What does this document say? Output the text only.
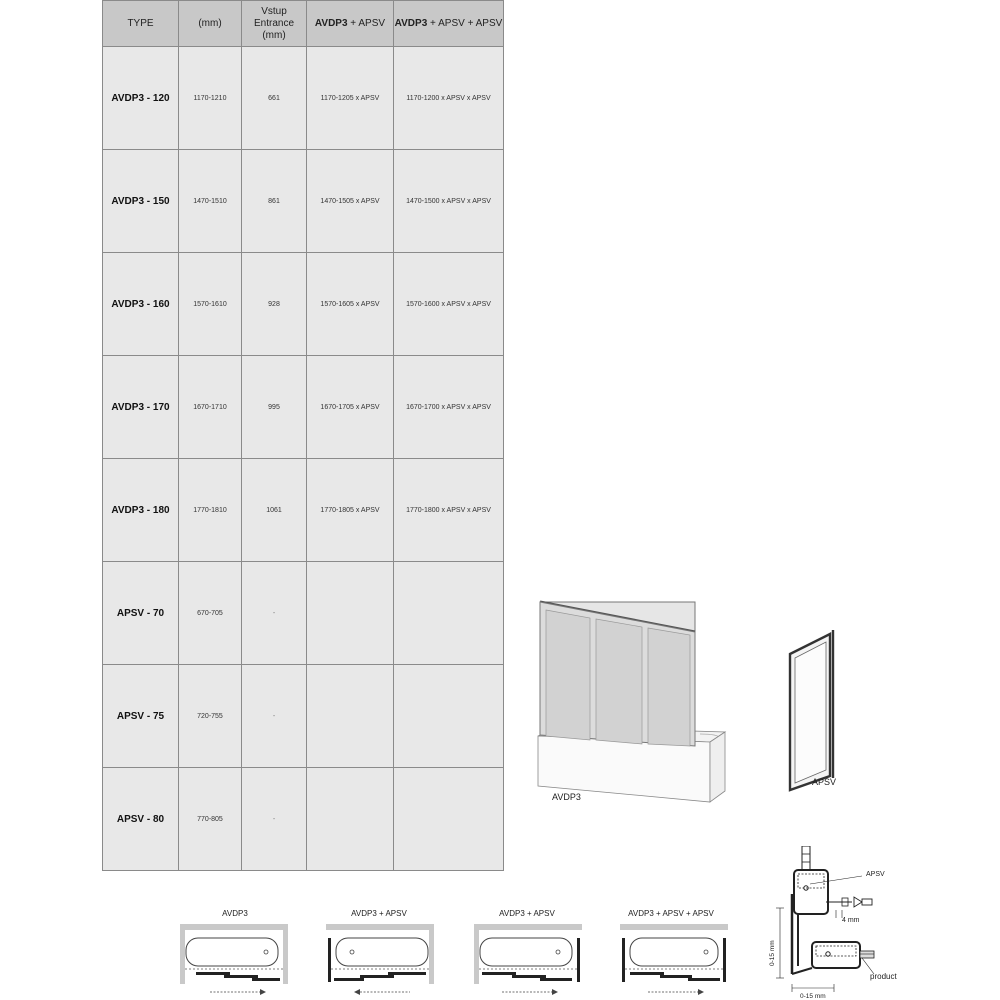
TYPE	(mm)	Vstup
Entrance
(mm)	AVDP3 + APSV	AVDP3 + APSV + APSV
AVDP3 - 120	1170-1210	661	1170-1205 x APSV	1170-1200 x APSV x APSV
AVDP3 - 150	1470-1510	861	1470-1505 x APSV	1470-1500 x APSV x APSV
AVDP3 - 160	1570-1610	928	1570-1605 x APSV	1570-1600 x APSV x APSV
AVDP3 - 170	1670-1710	995	1670-1705 x APSV	1670-1700 x APSV x APSV
AVDP3 - 180	1770-1810	1061	1770-1805 x APSV	1770-1800 x APSV x APSV
APSV - 70	670-705	-		
APSV - 75	720-755	-		
APSV - 80	770-805	-		
AVDP3
APSV
AVDP3	AVDP3 + APSV	AVDP3 + APSV	AVDP3 + APSV + APSV
4 mm
APSV
product
0-15 mm
0-15 mm
